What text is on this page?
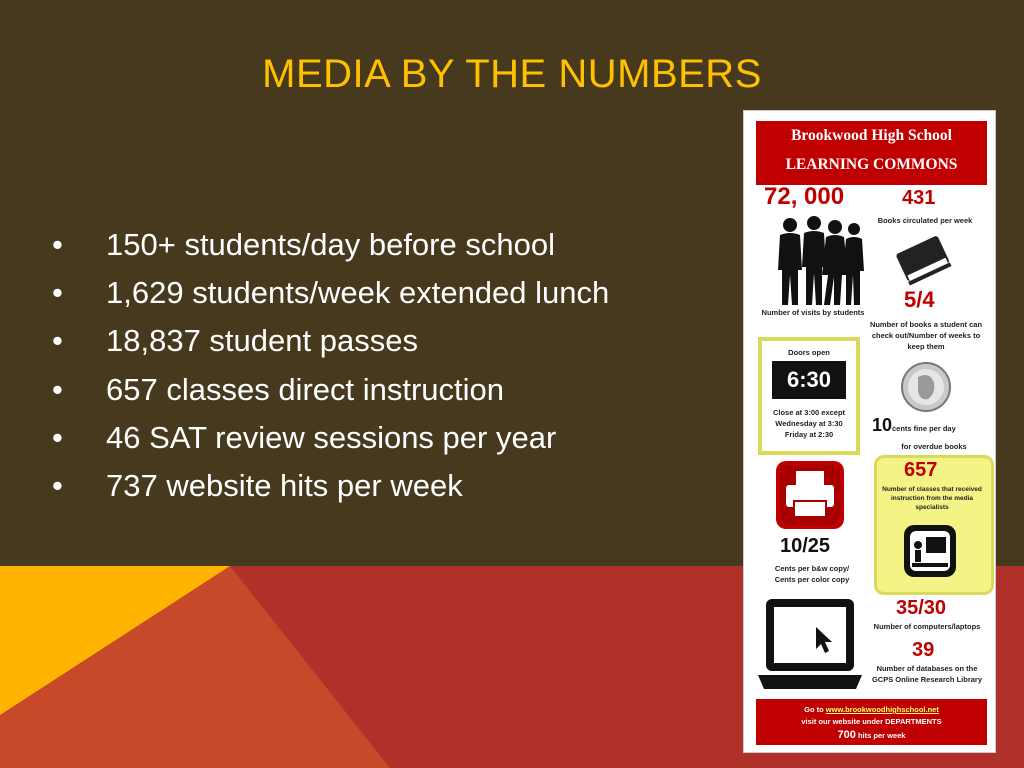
MEDIA BY THE NUMBERS
• 150+ students/day before school
• 1,629 students/week extended lunch
• 18,837 student passes
• 657 classes direct instruction
• 46 SAT review sessions per year
• 737 website hits per week
Brookwood High School
LEARNING COMMONS
72, 000
Number of visits by students
431
Books circulated per week
5/4
Number of books a student can check out/Number of weeks to keep them
Doors open
6:30
Close at 3:00 except
Wednesday at 3:30
Friday at 2:30	10 cents fine per day
for overdue books
657
Number of classes that received instruction from the media specialists
10/25
Cents per b&w copy/
Cents per color copy
35/30
Number of computers/laptops
39
Number of databases on the GCPS Online Research Library
Go to www.brookwoodhighschool.net
visit our website under DEPARTMENTS
700 hits per week
